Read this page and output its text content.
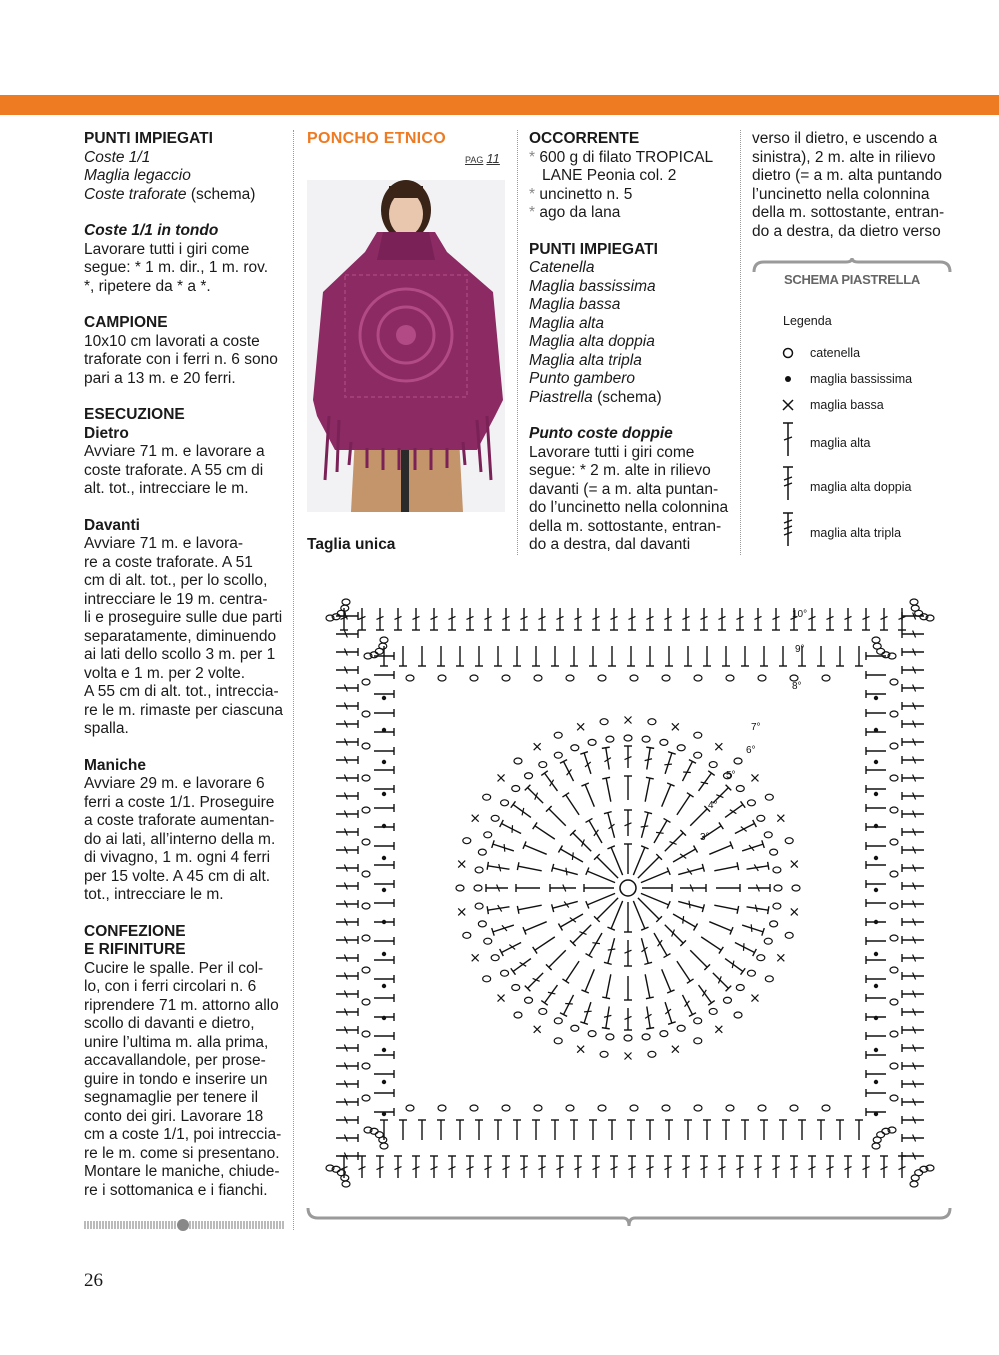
PUNTI IMPIEGATI

Coste 1/1

Maglia legaccio

Coste traforate (schema)

Coste 1/1 in tondo

Lavorare tutti i giri come

segue: * 1 m. dir., 1 m. rov.

*, ripetere da * a *.

CAMPIONE

10x10 cm lavorati a coste

traforate con i ferri n. 6 sono

pari a 13 m. e 20 ferri.

ESECUZIONE

Dietro

Avviare 71 m. e lavorare a

coste traforate. A 55 cm di

alt. tot., intrecciare le m.

Davanti

Avviare 71 m. e lavora-

re a coste traforate. A 51

cm di alt. tot., per lo scollo,

intrecciare le 19 m. centra-

li e proseguire sulle due parti

separatamente, diminuendo

ai lati dello scollo 3 m. per 1

volta e 1 m. per 2 volte.

A 55 cm di alt. tot., intreccia-

re le m. rimaste per ciascuna

spalla.

Maniche

Avviare 29 m. e lavorare 6

ferri a coste 1/1. Proseguire

a coste traforate aumentan-

do ai lati, all’interno della m.

di vivagno, 1 m. ogni 4 ferri

per 15 volte. A 45 cm di alt.

tot., intrecciare le m.

CONFEZIONE

E RIFINITURE

Cucire le spalle. Per il col-

lo, con i ferri circolari n. 6

riprendere 71 m. attorno allo

scollo di davanti e dietro,

unire l’ultima m. alla prima,

accavallandole, per prose-

guire in tondo e inserire un

segnamaglie per tenere il

conto dei giri. Lavorare 18

cm a coste 1/1, poi intreccia-

re le m. come si presentano.

Montare le maniche, chiude-

re i sottomanica e i fianchi.

PONCHO ETNICO
PAG 11
Taglia unica

OCCORRENTE

* 600 g di filato TROPICAL LANE Peonia col. 2

* uncinetto n. 5

* ago da lana

PUNTI IMPIEGATI

Catenella

Maglia bassissima

Maglia bassa

Maglia alta

Maglia alta doppia

Maglia alta tripla

Punto gambero

Piastrella (schema)

Punto coste doppie

Lavorare tutti i giri come

segue: * 2 m. alte in rilievo

davanti (= a m. alta puntan-

do l’uncinetto nella colonnina

della m. sottostante, entran-

do a destra, dal davanti

verso il dietro, e uscendo a

sinistra), 2 m. alte in rilievo

dietro (= a m. alta puntando

l’uncinetto nella colonnina

della m. sottostante, entran-

do a destra, da dietro verso

SCHEMA PIASTRELLA
Legenda
catenella
maglia bassissima
maglia bassa
maglia alta
maglia alta doppia
maglia alta tripla
3°
4°
5°
6°
7°
8°
9°
10°
26
